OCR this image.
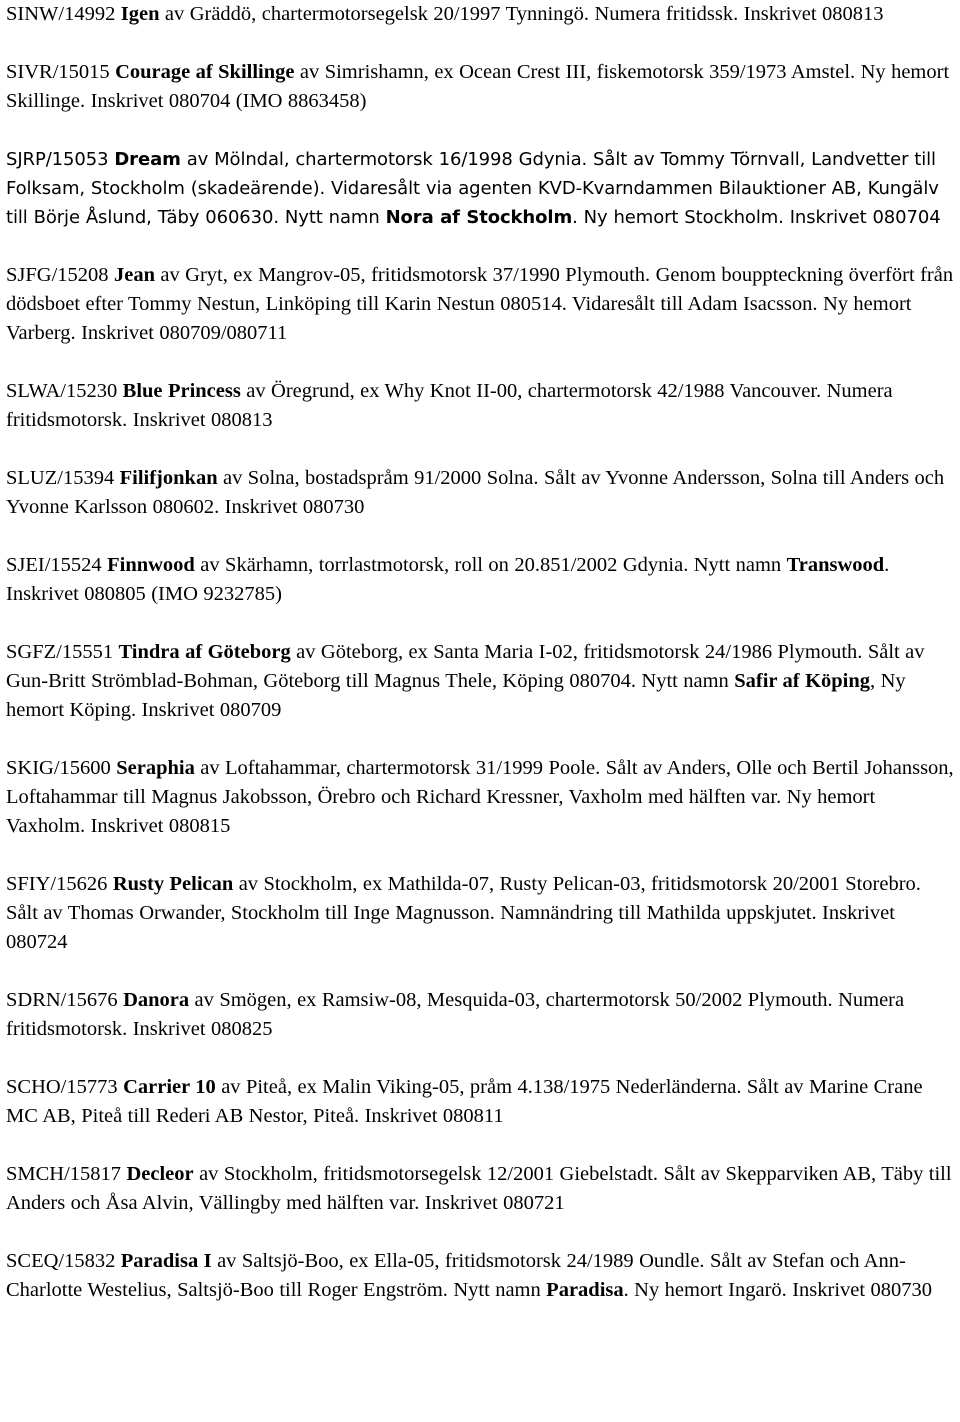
SINW/14992 Igen av Gräddö, chartermotorsegelsk 20/1997 Tynningö. Numera fritidssk. Inskrivet 080813

SIVR/15015 Courage af Skillinge av Simrishamn, ex Ocean Crest III, fiskemotorsk 359/1973 Amstel. Ny hemort Skillinge. Inskrivet 080704 (IMO 8863458)

SJRP/15053 Dream av Mölndal, chartermotorsk 16/1998 Gdynia. Sålt av Tommy Törnvall, Landvetter till Folksam, Stockholm (skadeärende). Vidaresålt via agenten KVD-Kvarndammen Bilauktioner AB, Kungälv till Börje Åslund, Täby 060630. Nytt namn Nora af Stockholm. Ny hemort Stockholm. Inskrivet 080704

SJFG/15208 Jean av Gryt, ex Mangrov-05, fritidsmotorsk 37/1990 Plymouth. Genom bouppteckning överfört från dödsboet efter Tommy Nestun, Linköping till Karin Nestun 080514. Vidaresålt till Adam Isacsson. Ny hemort Varberg. Inskrivet 080709/080711

SLWA/15230 Blue Princess av Öregrund, ex Why Knot II-00, chartermotorsk 42/1988 Vancouver. Numera fritidsmotorsk. Inskrivet 080813

SLUZ/15394 Filifjonkan av Solna, bostadspråm 91/2000 Solna. Sålt av Yvonne Andersson, Solna till Anders och Yvonne Karlsson 080602. Inskrivet 080730

SJEI/15524 Finnwood av Skärhamn, torrlastmotorsk, roll on 20.851/2002 Gdynia. Nytt namn Transwood. Inskrivet 080805 (IMO 9232785)

SGFZ/15551 Tindra af Göteborg av Göteborg, ex Santa Maria I-02, fritidsmotorsk 24/1986 Plymouth. Sålt av Gun-Britt Strömblad-Bohman, Göteborg till Magnus Thele, Köping 080704. Nytt namn Safir af Köping, Ny hemort Köping. Inskrivet 080709

SKIG/15600 Seraphia av Loftahammar, chartermotorsk 31/1999 Poole. Sålt av Anders, Olle och Bertil Johansson, Loftahammar till Magnus Jakobsson, Örebro och Richard Kressner, Vaxholm med hälften var. Ny hemort Vaxholm. Inskrivet 080815

SFIY/15626 Rusty Pelican av Stockholm, ex Mathilda-07, Rusty Pelican-03, fritidsmotorsk 20/2001 Storebro. Sålt av Thomas Orwander, Stockholm till Inge Magnusson. Namnändring till Mathilda uppskjutet. Inskrivet 080724

SDRN/15676 Danora av Smögen, ex Ramsiw-08, Mesquida-03, chartermotorsk 50/2002 Plymouth. Numera fritidsmotorsk. Inskrivet 080825

SCHO/15773 Carrier 10 av Piteå, ex Malin Viking-05, pråm 4.138/1975 Nederländerna. Sålt av Marine Crane MC AB, Piteå till Rederi AB Nestor, Piteå. Inskrivet 080811

SMCH/15817 Decleor av Stockholm, fritidsmotorsegelsk 12/2001 Giebelstadt. Sålt av Skepparviken AB, Täby till Anders och Åsa Alvin, Vällingby med hälften var. Inskrivet 080721

SCEQ/15832 Paradisa I av Saltsjö-Boo, ex Ella-05, fritidsmotorsk 24/1989 Oundle. Sålt av Stefan och Ann-Charlotte Westelius, Saltsjö-Boo till Roger Engström. Nytt namn Paradisa. Ny hemort Ingarö. Inskrivet 080730
